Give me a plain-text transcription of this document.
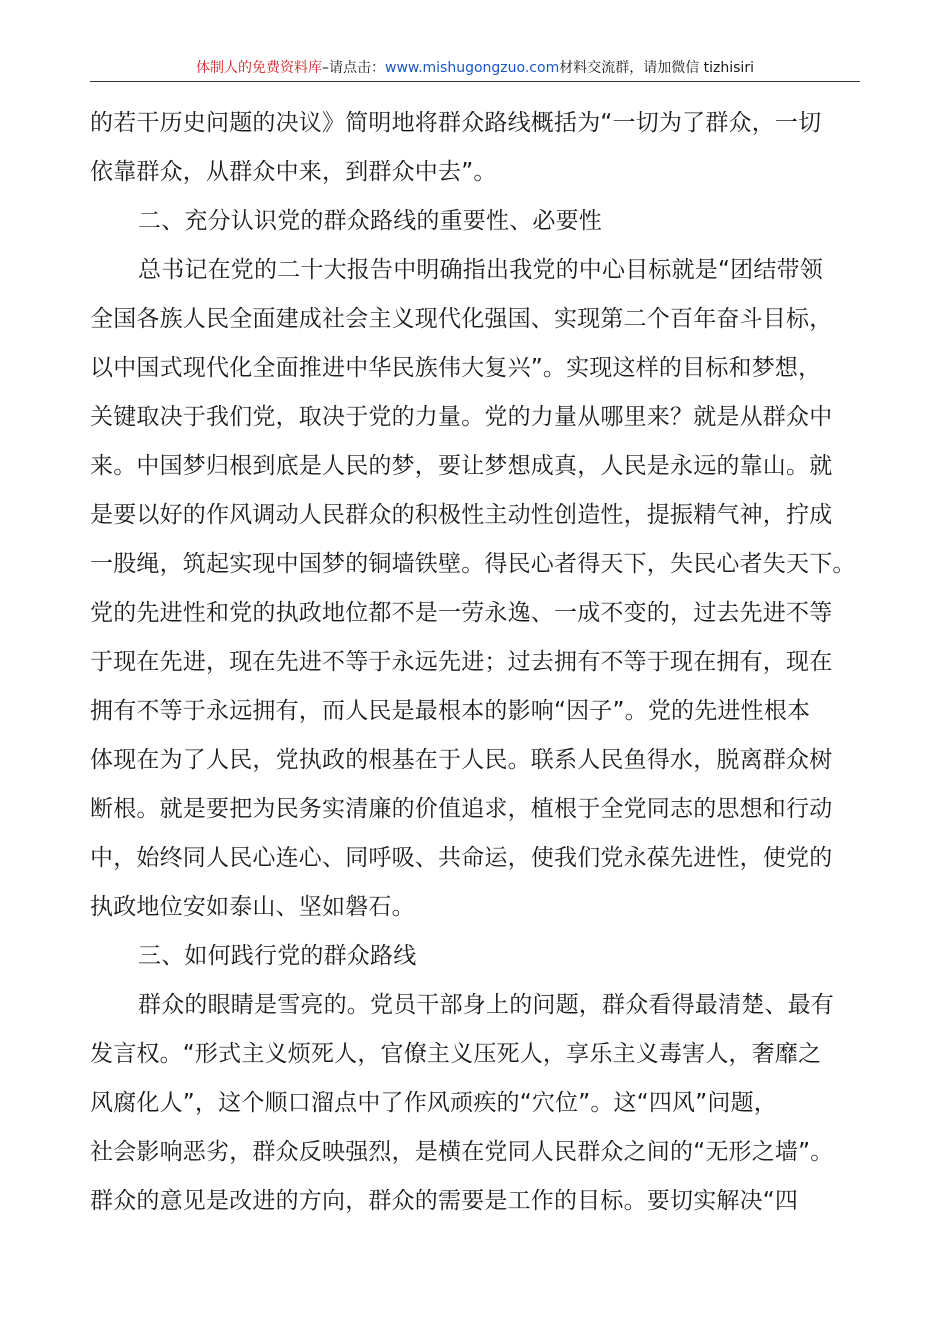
体制人的免费资料库–请点击：www.mishugongzuo.com材料交流群，请加微信 tizhisiri
的若干历史问题的决议》简明地将群众路线概括为“一切为了群众，一切
依靠群众，从群众中来，到群众中去”。
二、充分认识党的群众路线的重要性、必要性
总书记在党的二十大报告中明确指出我党的中心目标就是“团结带领
全国各族人民全面建成社会主义现代化强国、实现第二个百年奋斗目标，
以中国式现代化全面推进中华民族伟大复兴”。实现这样的目标和梦想，
关键取决于我们党，取决于党的力量。党的力量从哪里来？就是从群众中
来。中国梦归根到底是人民的梦，要让梦想成真，人民是永远的靠山。就
是要以好的作风调动人民群众的积极性主动性创造性，提振精气神，拧成
一股绳，筑起实现中国梦的铜墙铁壁。得民心者得天下，失民心者失天下。
党的先进性和党的执政地位都不是一劳永逸、一成不变的，过去先进不等
于现在先进，现在先进不等于永远先进；过去拥有不等于现在拥有，现在
拥有不等于永远拥有，而人民是最根本的影响“因子”。党的先进性根本
体现在为了人民，党执政的根基在于人民。联系人民鱼得水，脱离群众树
断根。就是要把为民务实清廉的价值追求，植根于全党同志的思想和行动
中，始终同人民心连心、同呼吸、共命运，使我们党永葆先进性，使党的
执政地位安如泰山、坚如磐石。
三、如何践行党的群众路线
群众的眼睛是雪亮的。党员干部身上的问题，群众看得最清楚、最有
发言权。“形式主义烦死人，官僚主义压死人，享乐主义毒害人，奢靡之
风腐化人”，这个顺口溜点中了作风顽疾的“穴位”。这“四风”问题，
社会影响恶劣，群众反映强烈，是横在党同人民群众之间的“无形之墙”。
群众的意见是改进的方向，群众的需要是工作的目标。要切实解决“四
